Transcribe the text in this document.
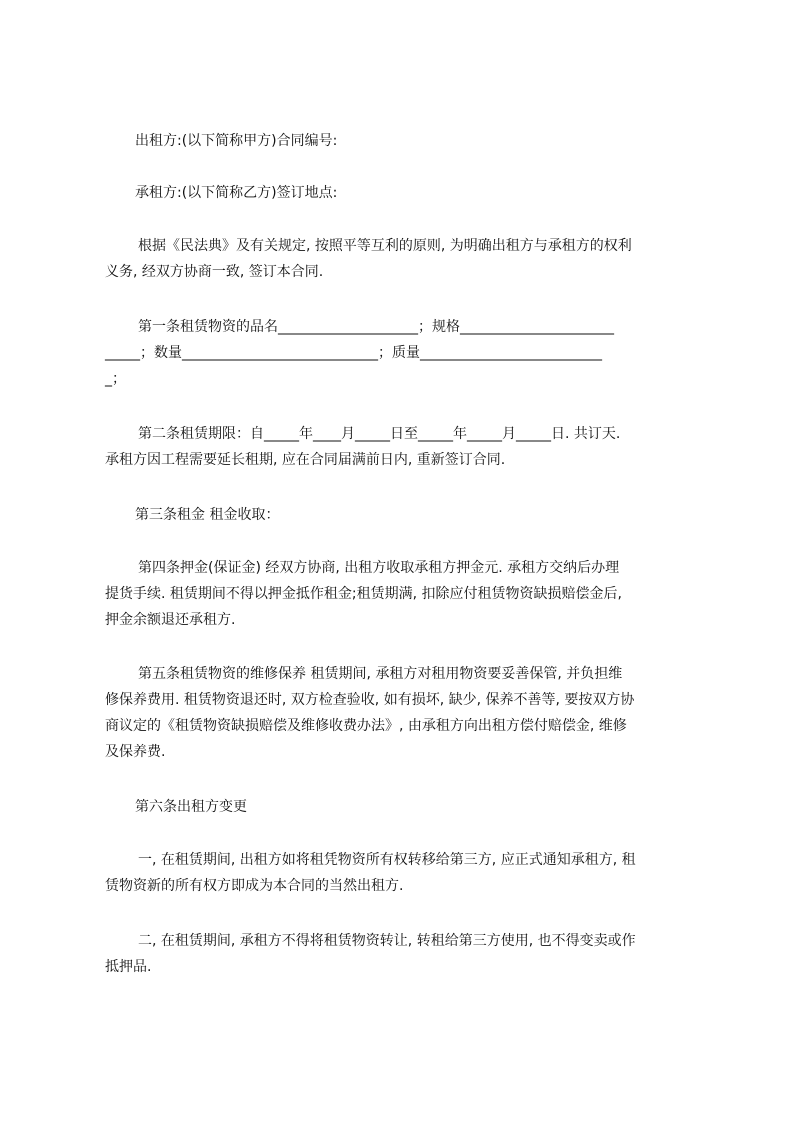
出租方:(以下简称甲方)合同编号:
承租方:(以下简称乙方)签订地点:
根据《民法典》及有关规定, 按照平等互利的原则, 为明确出租方与承租方的权利
义务, 经双方协商一致, 签订本合同.
第一条租赁物资的品名____________________；规格______________________
_____；数量____________________________；质量__________________________
_；
第二条租赁期限：自_____年____月_____日至_____年_____月_____日. 共订天.
承租方因工程需要延长租期, 应在合同届满前日内, 重新签订合同.
第三条租金 租金收取：
第四条押金(保证金) 经双方协商, 出租方收取承租方押金元. 承租方交纳后办理
提货手续. 租赁期间不得以押金抵作租金;租赁期满, 扣除应付租赁物资缺损赔偿金后,
押金余额退还承租方.
第五条租赁物资的维修保养 租赁期间, 承租方对租用物资要妥善保管, 并负担维
修保养费用. 租赁物资退还时, 双方检查验收, 如有损坏, 缺少, 保养不善等, 要按双方协
商议定的《租赁物资缺损赔偿及维修收费办法》, 由承租方向出租方偿付赔偿金, 维修
及保养费.
第六条出租方变更
一, 在租赁期间, 出租方如将租凭物资所有权转移给第三方, 应正式通知承租方, 租
赁物资新的所有权方即成为本合同的当然出租方.
二, 在租赁期间, 承租方不得将租赁物资转让, 转租给第三方使用, 也不得变卖或作
抵押品.
